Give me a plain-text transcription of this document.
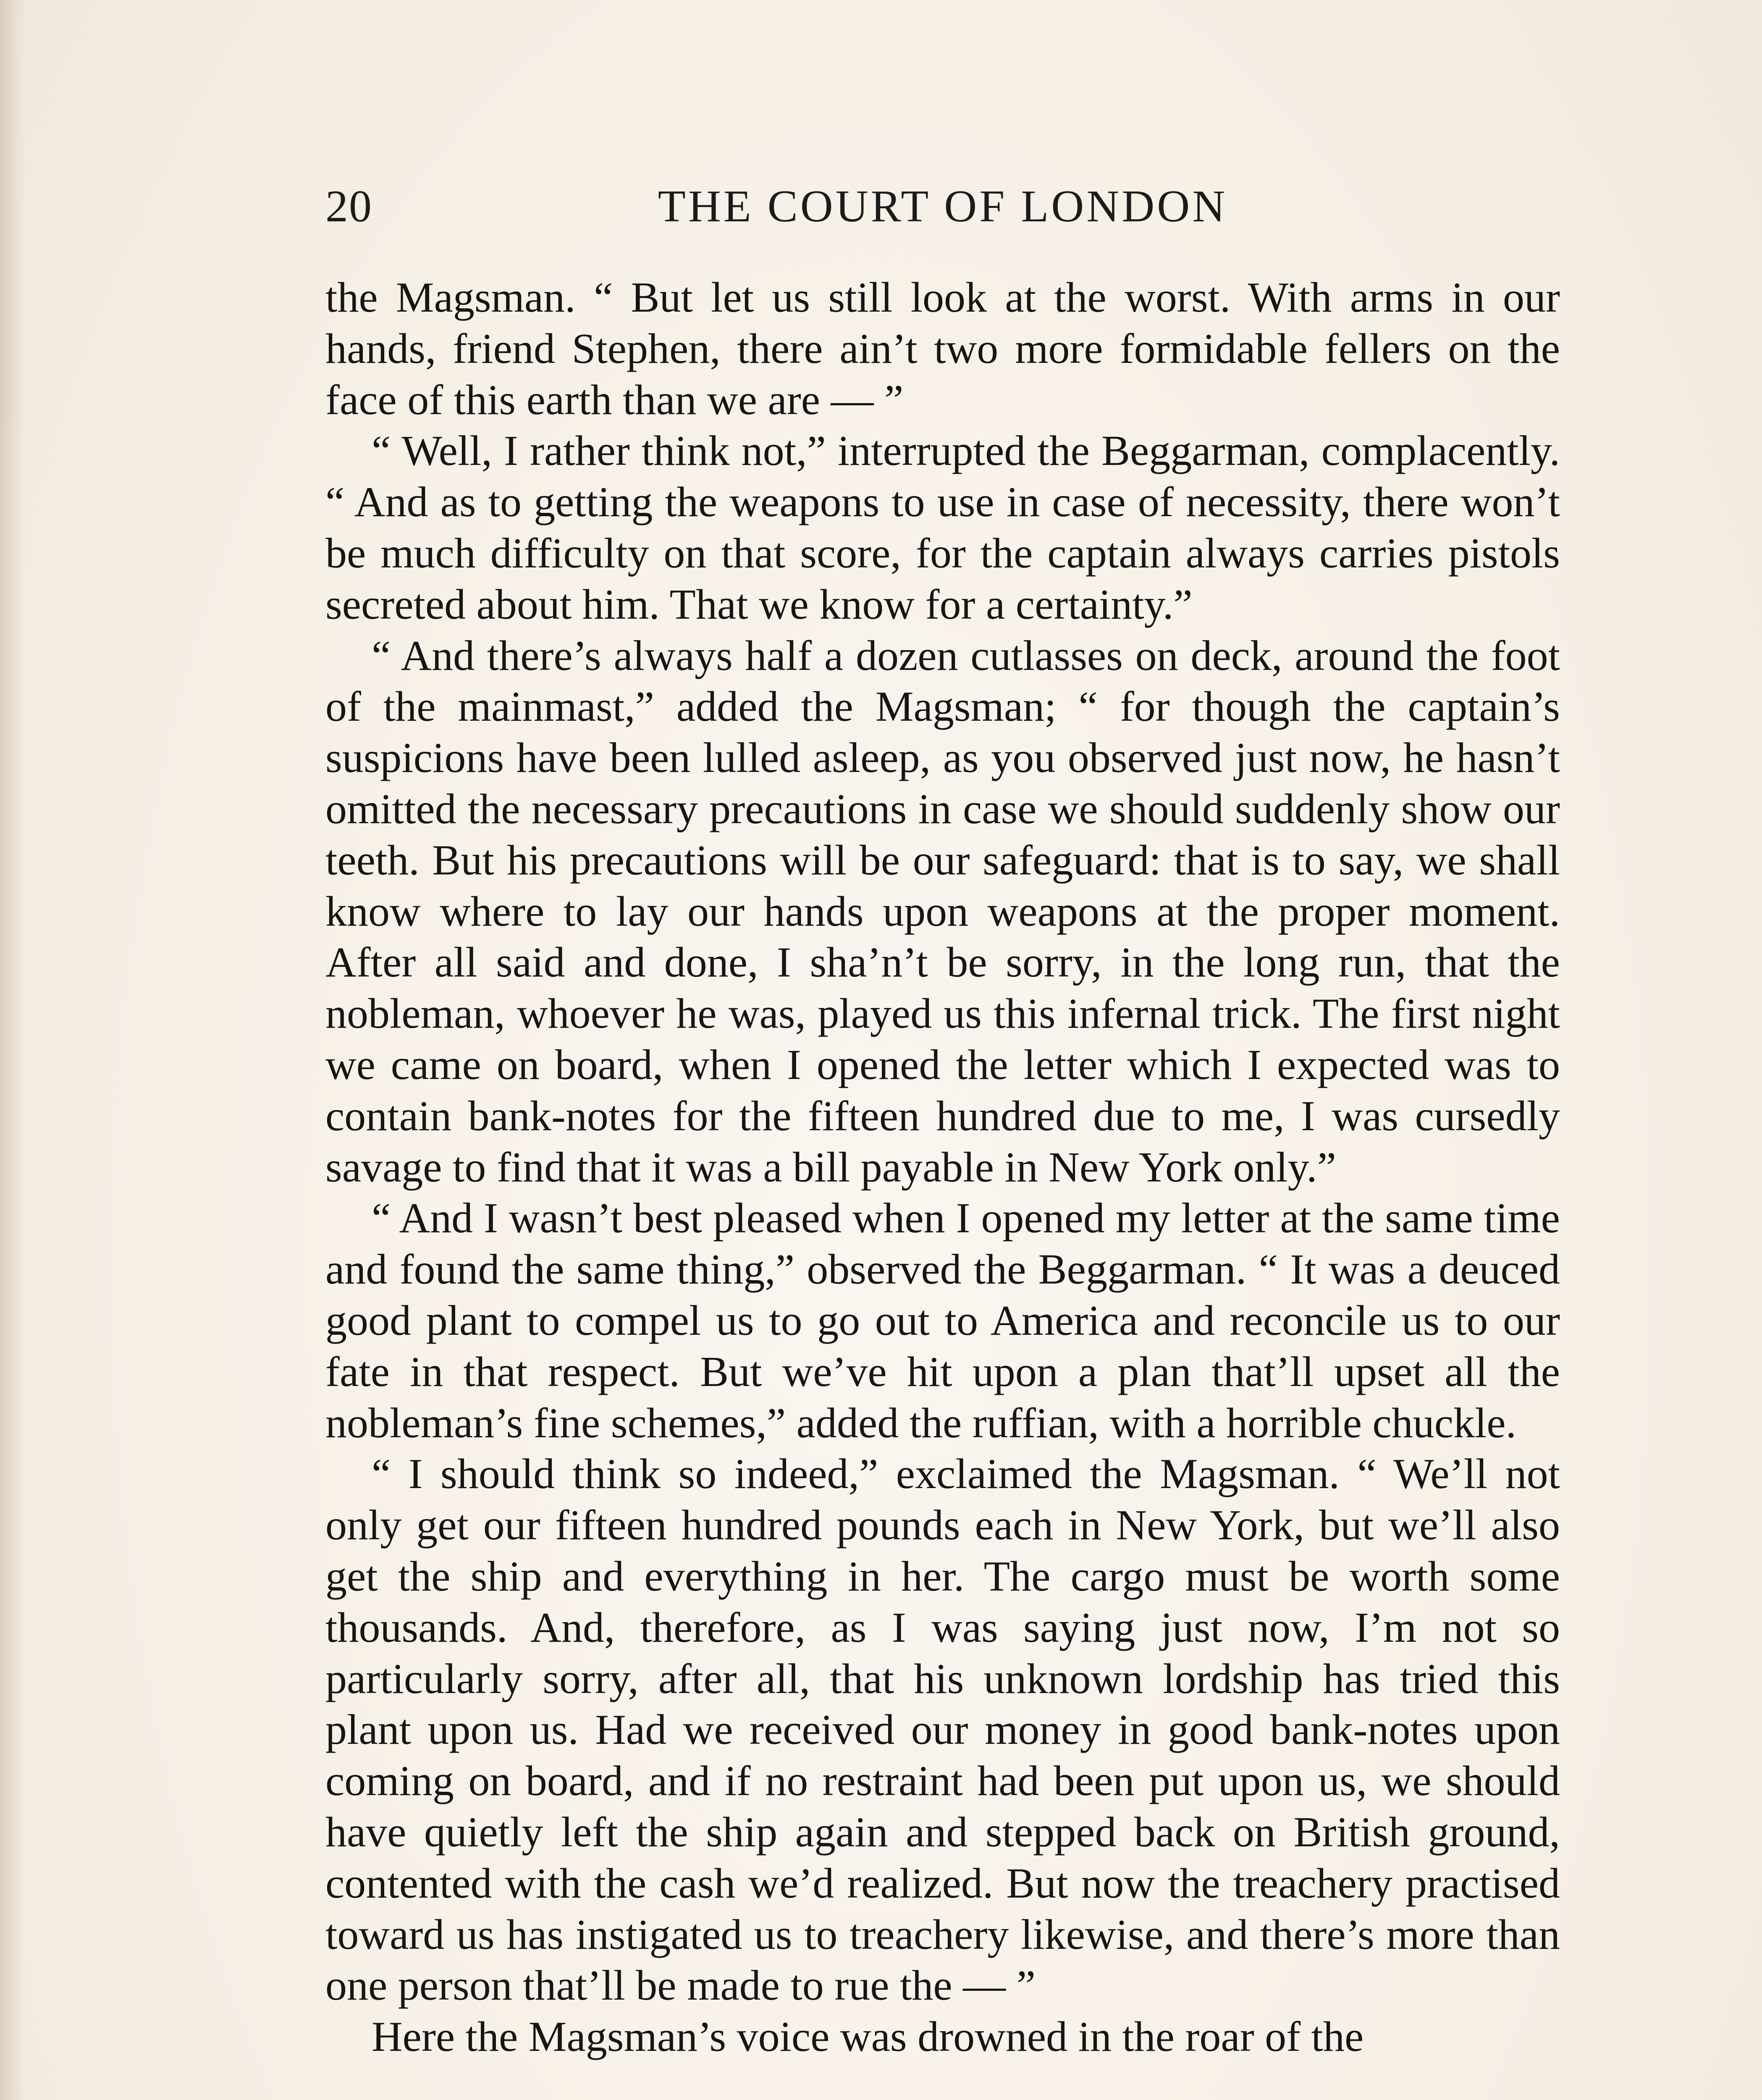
20	THE COURT OF LONDON

the Magsman. “ But let us still look at the worst. With arms in our hands, friend Stephen, there ain’t two more formidable fellers on the face of this earth than we are — ”

“ Well, I rather think not,” interrupted the Beggarman, complacently. “ And as to getting the weapons to use in case of necessity, there won’t be much difficulty on that score, for the captain always carries pistols secreted about him. That we know for a certainty.”

“ And there’s always half a dozen cutlasses on deck, around the foot of the mainmast,” added the Magsman; “ for though the captain’s suspicions have been lulled asleep, as you observed just now, he hasn’t omitted the necessary precautions in case we should suddenly show our teeth. But his precautions will be our safeguard: that is to say, we shall know where to lay our hands upon weapons at the proper moment. After all said and done, I sha’n’t be sorry, in the long run, that the nobleman, whoever he was, played us this infernal trick. The first night we came on board, when I opened the letter which I expected was to contain bank-notes for the fifteen hundred due to me, I was cursedly savage to find that it was a bill payable in New York only.”

“ And I wasn’t best pleased when I opened my letter at the same time and found the same thing,” observed the Beggarman. “ It was a deuced good plant to compel us to go out to America and reconcile us to our fate in that respect. But we’ve hit upon a plan that’ll upset all the nobleman’s fine schemes,” added the ruffian, with a horrible chuckle.

“ I should think so indeed,” exclaimed the Magsman. “ We’ll not only get our fifteen hundred pounds each in New York, but we’ll also get the ship and everything in her. The cargo must be worth some thousands. And, therefore, as I was saying just now, I’m not so particularly sorry, after all, that his unknown lordship has tried this plant upon us. Had we received our money in good bank-notes upon coming on board, and if no restraint had been put upon us, we should have quietly left the ship again and stepped back on British ground, contented with the cash we’d realized. But now the treachery practised toward us has instigated us to treachery likewise, and there’s more than one person that’ll be made to rue the — ”

Here the Magsman’s voice was drowned in the roar of the
